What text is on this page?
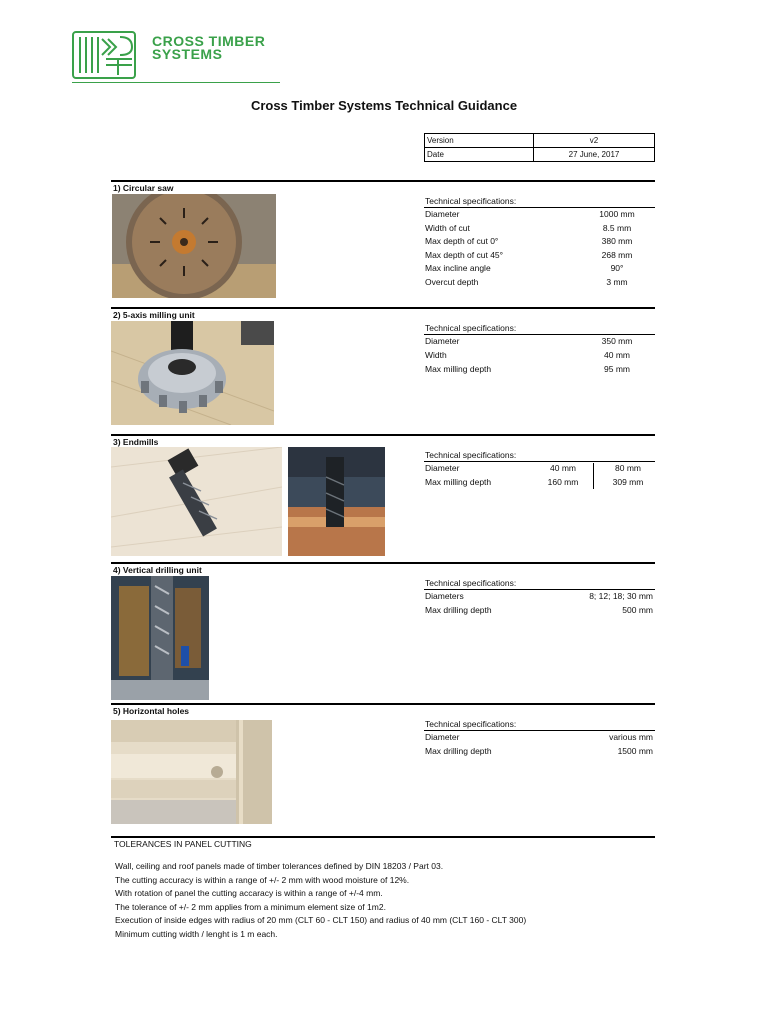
CROSS TIMBER
SYSTEMS
Cross Timber Systems Technical Guidance
Version	v2
Date	27 June, 2017
1) Circular saw
Technical specifications:
Diameter	1000 mm
Width of cut	8.5 mm
Max depth of cut 0°	380 mm
Max depth of cut 45°	268 mm
Max incline angle	90°
Overcut depth	3 mm
2) 5-axis milling unit
Technical specifications:
Diameter	350 mm
Width	40 mm
Max milling depth	95 mm
3) Endmills
Technical specifications:
Diameter	40 mm	80 mm
Max milling depth	160 mm	309 mm
4) Vertical drilling unit
Technical specifications:
Diameters	8; 12; 18; 30 mm
Max drilling depth	500 mm
5) Horizontal holes
Technical specifications:
Diameter	various mm
Max drilling depth	1500 mm
TOLERANCES IN PANEL CUTTING
Wall, ceiling and roof panels made of timber tolerances defined by DIN 18203 / Part 03.
The cutting accuracy is within a range of +/- 2 mm with wood moisture of 12%.
With rotation of panel the cutting accaracy is within a range of +/-4 mm.
The tolerance of +/- 2 mm applies from a minimum element size of 1m2.
Execution of inside edges with radius of 20 mm (CLT 60 - CLT 150) and radius of 40 mm (CLT 160 - CLT 300)
Minimum cutting width / lenght is 1 m each.
